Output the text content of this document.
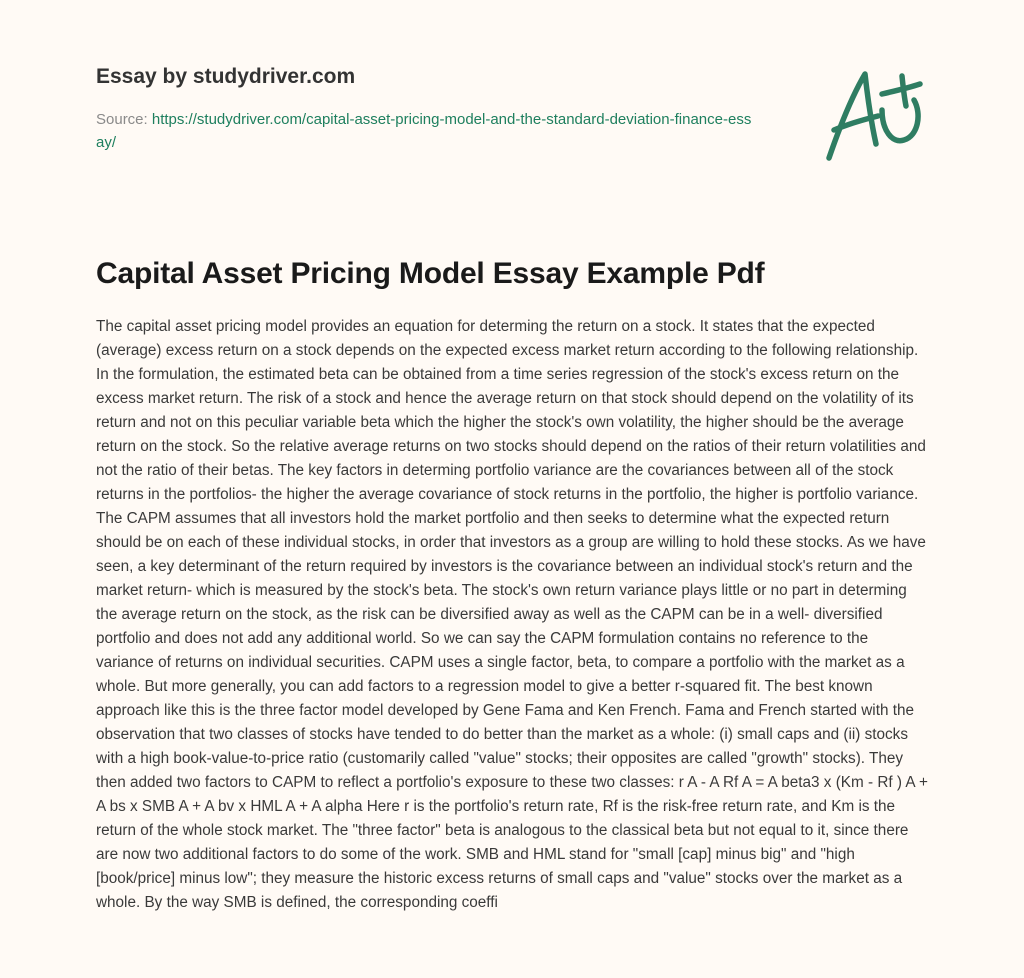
Essay by studydriver.com
Source: https://studydriver.com/capital-asset-pricing-model-and-the-standard-deviation-finance-essay/
Capital Asset Pricing Model Essay Example Pdf

The capital asset pricing model provides an equation for determing the return on a stock. It states that the expected (average) excess return on a stock depends on the expected excess market return according to the following relationship. In the formulation, the estimated beta can be obtained from a time series regression of the stock's excess return on the excess market return. The risk of a stock and hence the average return on that stock should depend on the volatility of its return and not on this peculiar variable beta which the higher the stock's own volatility, the higher should be the average return on the stock. So the relative average returns on two stocks should depend on the ratios of their return volatilities and not the ratio of their betas. The key factors in determing portfolio variance are the covariances between all of the stock returns in the portfolios- the higher the average covariance of stock returns in the portfolio, the higher is portfolio variance. The CAPM assumes that all investors hold the market portfolio and then seeks to determine what the expected return should be on each of these individual stocks, in order that investors as a group are willing to hold these stocks. As we have seen, a key determinant of the return required by investors is the covariance between an individual stock's return and the market return- which is measured by the stock's beta. The stock's own return variance plays little or no part in determing the average return on the stock, as the risk can be diversified away as well as the CAPM can be in a well- diversified portfolio and does not add any additional world. So we can say the CAPM formulation contains no reference to the variance of returns on individual securities. CAPM uses a single factor, beta, to compare a portfolio with the market as a whole. But more generally, you can add factors to a regression model to give a better r-squared fit. The best known approach like this is the three factor model developed by Gene Fama and Ken French. Fama and French started with the observation that two classes of stocks have tended to do better than the market as a whole: (i) small caps and (ii) stocks with a high book-value-to-price ratio (customarily called "value" stocks; their opposites are called "growth" stocks). They then added two factors to CAPM to reflect a portfolio's exposure to these two classes: r A - A Rf A = A beta3 x (Km - Rf ) A + A bs x SMB A + A bv x HML A + A alpha Here r is the portfolio's return rate, Rf is the risk-free return rate, and Km is the return of the whole stock market. The "three factor" beta is analogous to the classical beta but not equal to it, since there are now two additional factors to do some of the work. SMB and HML stand for "small [cap] minus big" and "high [book/price] minus low"; they measure the historic excess returns of small caps and "value" stocks over the market as a whole. By the way SMB is defined, the corresponding coeffi
